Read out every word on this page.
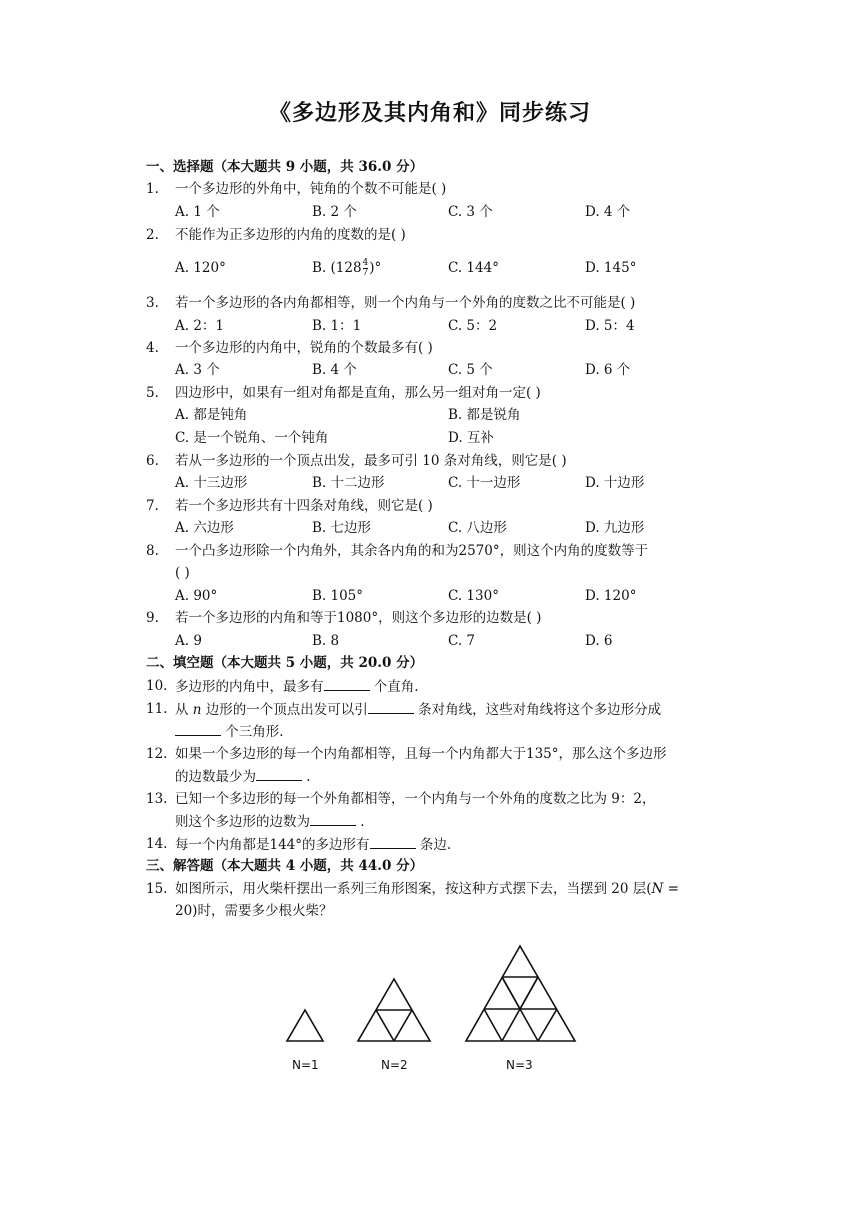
《多边形及其内角和》同步练习
一、选择题（本大题共 9 小题，共 36.0 分）
1. 一个多边形的外角中，钝角的个数不可能是( )
A. 1 个	B. 2 个	C. 3 个	D. 4 个
2. 不能作为正多边形的内角的度数的是( )
A. 120°	B. ($128 \frac{4}{7}$ )°	C. 144°	D. 145°
3. 若一个多边形的各内角都相等，则一个内角与一个外角的度数之比不可能是( )
A. 2：1	B. 1：1	C. 5：2	D. 5：4
4. 一个多边形的内角中，锐角的个数最多有( )
A. 3 个	B. 4 个	C. 5 个	D. 6 个
5. 四边形中，如果有一组对角都是直角，那么另一组对角一定( )
A. 都是钝角	B. 都是锐角
C. 是一个锐角、一个钝角	D. 互补
6. 若从一多边形的一个顶点出发，最多可引 10 条对角线，则它是( )
A. 十三边形	B. 十二边形	C. 十一边形	D. 十边形
7. 若一个多边形共有十四条对角线，则它是( )
A. 六边形	B. 七边形	C. 八边形	D. 九边形
8. 一个凸多边形除一个内角外，其余各内角的和为2570°，则这个内角的度数等于
( )
A. 90°	B. 105°	C. 130°	D. 120°
9. 若一个多边形的内角和等于1080°，则这个多边形的边数是( )
A. 9	B. 8	C. 7	D. 6
二、填空题（本大题共 5 小题，共 20.0 分）
10. 多边形的内角中，最多有	个直角.
11. 从 n 边形的一个顶点出发可以引	条对角线，这些对角线将这个多边形分成
个三角形.
12. 如果一个多边形的每一个内角都相等，且每一个内角都大于135°，那么这个多边形
的边数最少为	.
13. 已知一个多边形的每一个外角都相等，一个内角与一个外角的度数之比为 9：2，
则这个多边形的边数为	.
14. 每一个内角都是144°的多边形有	条边.
三、解答题（本大题共 4 小题，共 44.0 分）
15. 如图所示，用火柴杆摆出一系列三角形图案，按这种方式摆下去，当摆到 20 层(N =
20)时，需要多少根火柴？
N=1	N=2	N=3
